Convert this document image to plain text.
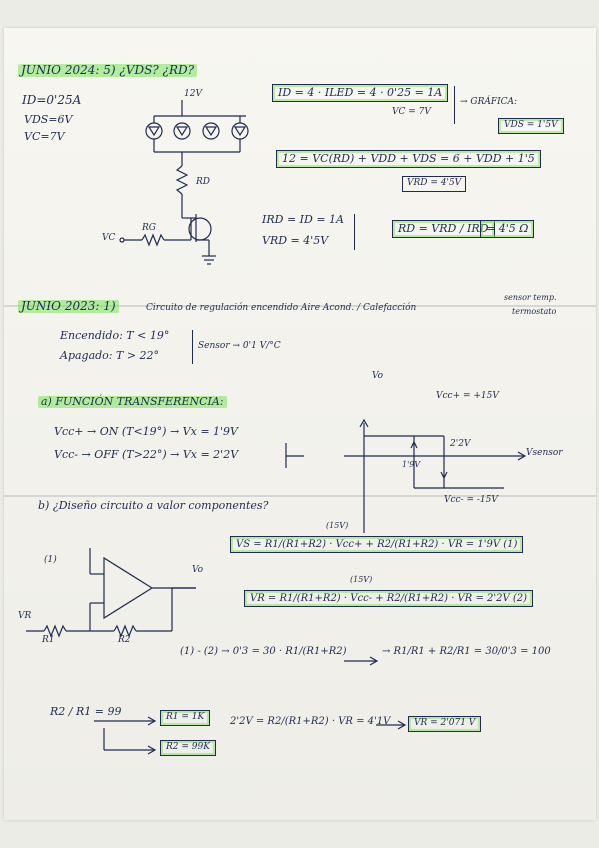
JUNIO 2024: 5) ¿VDS? ¿RD?
ID=0'25A
VDS=6V
VC=7V
12V
RD
RG
VC
ID = 4 · ILED = 4 · 0'25 = 1A
→ GRÁFICA:
VC = 7V
VDS = 1'5V
12 = VC(RD) + VDD + VDS = 6 + VDD + 1'5
VRD = 4'5V
IRD = ID = 1A
VRD = 4'5V
RD = VRD / IRD
= 4'5 Ω
JUNIO 2023: 1)	Circuito de regulación encendido Aire Acond. / Calefacción
sensor temp.
termostato
Encendido: T < 19°
Apagado: T > 22°
Sensor → 0'1 V/°C
a) FUNCIÓN TRANSFERENCIA:
Vcc+ → ON (T<19°) → Vx = 1'9V
Vcc- → OFF (T>22°) → Vx = 2'2V
Vo
Vcc+ = +15V
2'2V
1'9V
Vsensor
Vcc- = -15V
b) ¿Diseño circuito a valor componentes?
(1)
Vo
VR
R1	R2
(15V)
VS = R1/(R1+R2) · Vcc+ + R2/(R1+R2) · VR = 1'9V (1)
(15V)
VR = R1/(R1+R2) · Vcc- + R2/(R1+R2) · VR = 2'2V (2)
(1) - (2) → 0'3 = 30 · R1/(R1+R2)	→ R1/R1 + R2/R1 = 30/0'3 = 100
R2 / R1 = 99	R1 = 1K
R2 = 99K
2'2V = R2/(R1+R2) · VR = 4'1V	VR = 2'071 V
